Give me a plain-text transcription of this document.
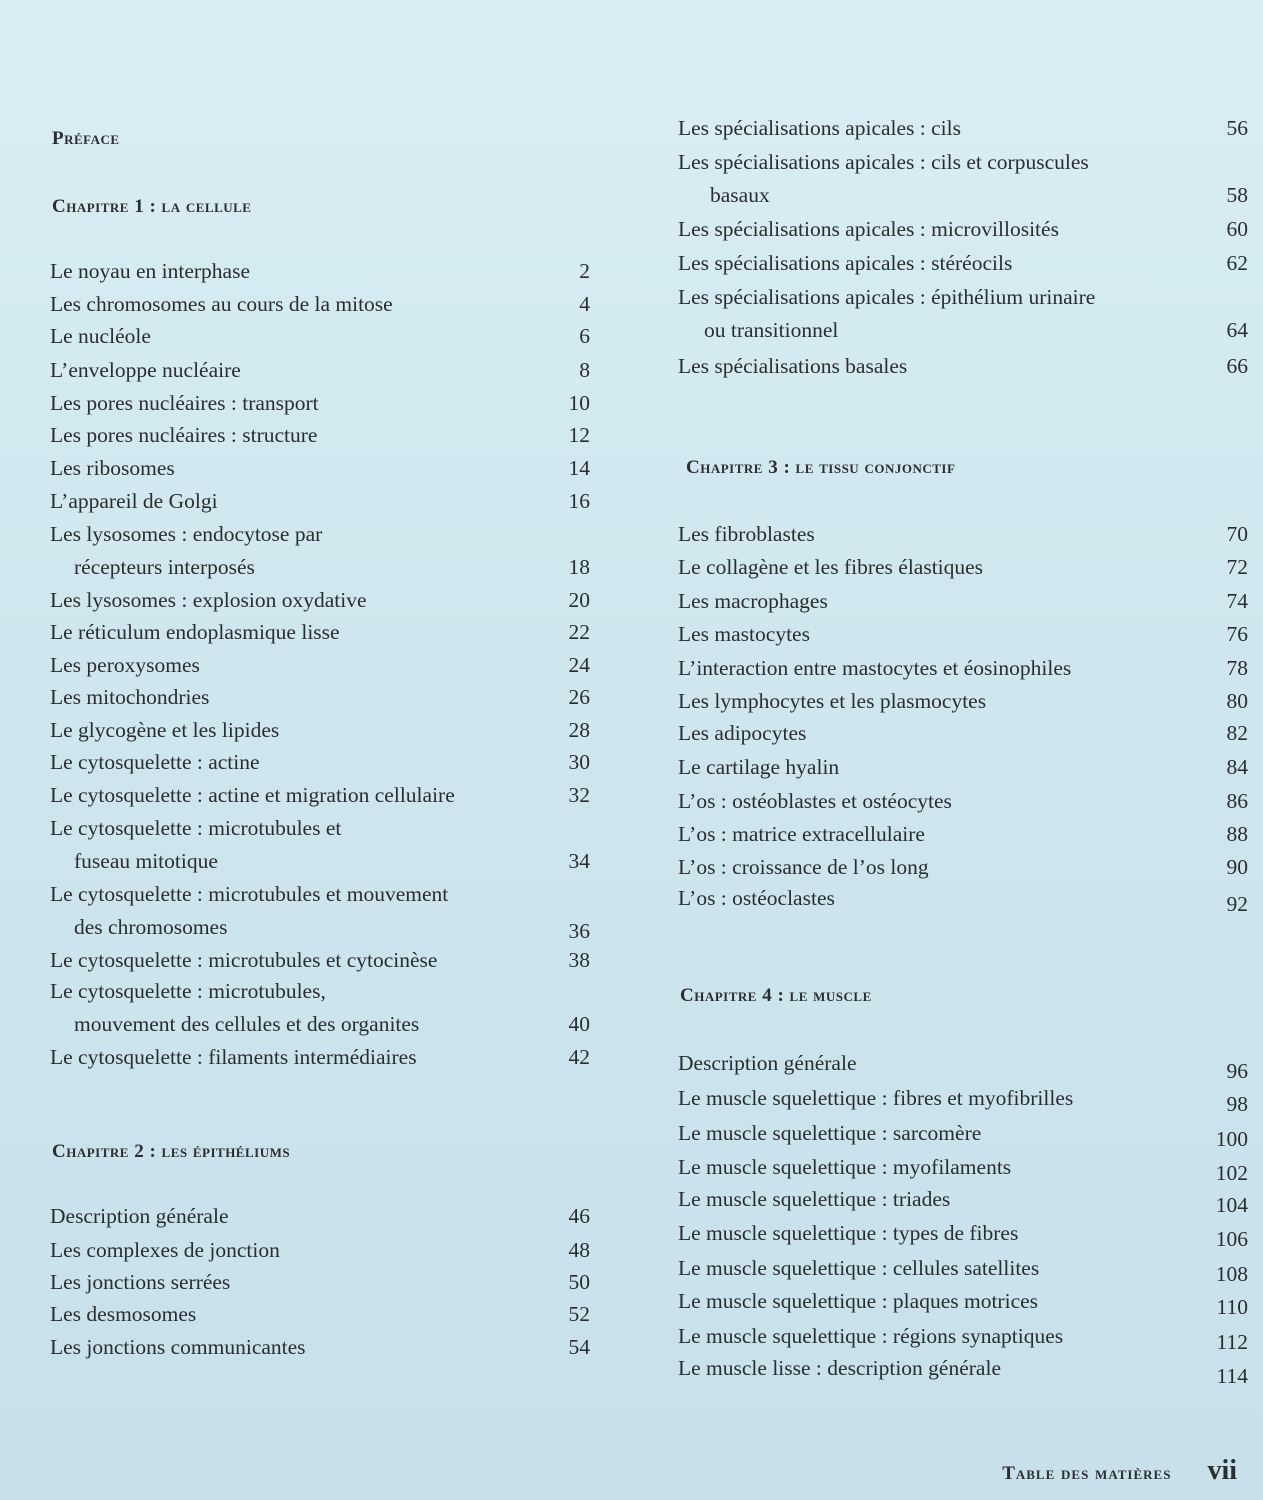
Préface
Chapitre 1 : la cellule
Le noyau en interphase	2
Les chromosomes au cours de la mitose	4
Le nucléole	6
L’enveloppe nucléaire	8
Les pores nucléaires : transport	10
Les pores nucléaires : structure	12
Les ribosomes	14
L’appareil de Golgi	16
Les lysosomes : endocytose par
récepteurs interposés	18
Les lysosomes : explosion oxydative	20
Le réticulum endoplasmique lisse	22
Les peroxysomes	24
Les mitochondries	26
Le glycogène et les lipides	28
Le cytosquelette : actine	30
Le cytosquelette : actine et migration cellulaire	32
Le cytosquelette : microtubules et
fuseau mitotique	34
Le cytosquelette : microtubules et mouvement
des chromosomes	36
Le cytosquelette : microtubules et cytocinèse	38
Le cytosquelette : microtubules,
mouvement des cellules et des organites	40
Le cytosquelette : filaments intermédiaires	42
Chapitre 2 : les épithéliums
Description générale	46
Les complexes de jonction	48
Les jonctions serrées	50
Les desmosomes	52
Les jonctions communicantes	54
Les spécialisations apicales : cils	56
Les spécialisations apicales : cils et corpuscules
basaux	58
Les spécialisations apicales : microvillosités	60
Les spécialisations apicales : stéréocils	62
Les spécialisations apicales : épithélium urinaire
ou transitionnel	64
Les spécialisations basales	66
Chapitre 3 : le tissu conjonctif
Les fibroblastes	70
Le collagène et les fibres élastiques	72
Les macrophages	74
Les mastocytes	76
L’interaction entre mastocytes et éosinophiles	78
Les lymphocytes et les plasmocytes	80
Les adipocytes	82
Le cartilage hyalin	84
L’os : ostéoblastes et ostéocytes	86
L’os : matrice extracellulaire	88
L’os : croissance de l’os long	90
L’os : ostéoclastes	92
Chapitre 4 : le muscle
Description générale	96
Le muscle squelettique : fibres et myofibrilles	98
Le muscle squelettique : sarcomère	100
Le muscle squelettique : myofilaments	102
Le muscle squelettique : triades	104
Le muscle squelettique : types de fibres	106
Le muscle squelettique : cellules satellites	108
Le muscle squelettique : plaques motrices	110
Le muscle squelettique : régions synaptiques	112
Le muscle lisse : description générale	114
Table des matières vii
